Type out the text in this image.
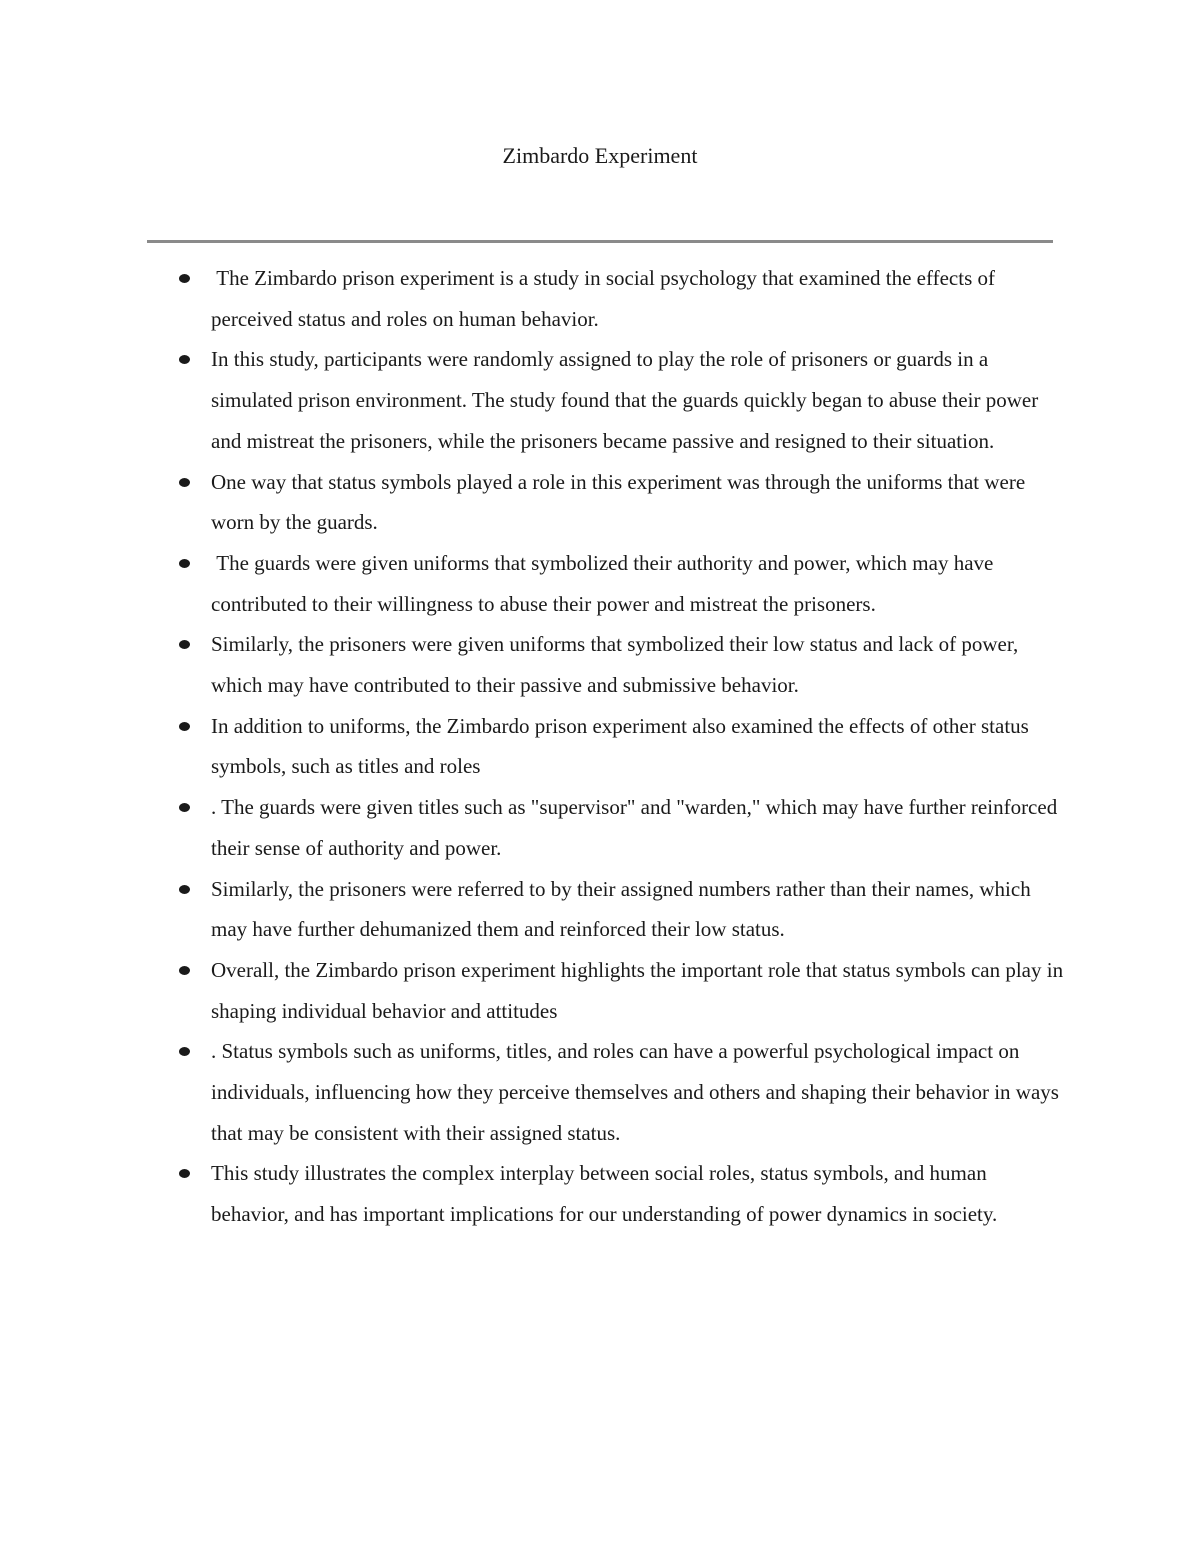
Zimbardo Experiment
The Zimbardo prison experiment is a study in social psychology that examined the effects of perceived status and roles on human behavior.
In this study, participants were randomly assigned to play the role of prisoners or guards in a simulated prison environment. The study found that the guards quickly began to abuse their power and mistreat the prisoners, while the prisoners became passive and resigned to their situation.
One way that status symbols played a role in this experiment was through the uniforms that were worn by the guards.
The guards were given uniforms that symbolized their authority and power, which may have contributed to their willingness to abuse their power and mistreat the prisoners.
Similarly, the prisoners were given uniforms that symbolized their low status and lack of power, which may have contributed to their passive and submissive behavior.
In addition to uniforms, the Zimbardo prison experiment also examined the effects of other status symbols, such as titles and roles
. The guards were given titles such as "supervisor" and "warden," which may have further reinforced their sense of authority and power.
Similarly, the prisoners were referred to by their assigned numbers rather than their names, which may have further dehumanized them and reinforced their low status.
Overall, the Zimbardo prison experiment highlights the important role that status symbols can play in shaping individual behavior and attitudes
. Status symbols such as uniforms, titles, and roles can have a powerful psychological impact on individuals, influencing how they perceive themselves and others and shaping their behavior in ways that may be consistent with their assigned status.
This study illustrates the complex interplay between social roles, status symbols, and human behavior, and has important implications for our understanding of power dynamics in society.
